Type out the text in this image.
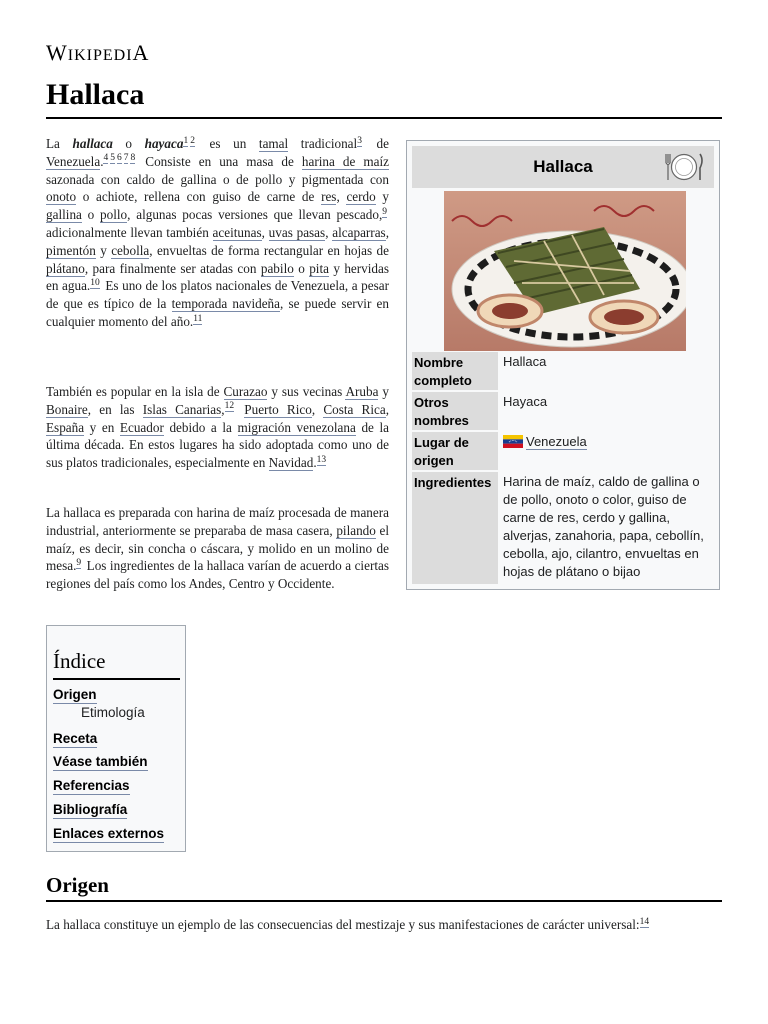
WIKIPEDIA
Hallaca

La hallaca o hayaca$^{1 2}$ es un tamal tradicional$^3$ de Venezuela.$^{4 5 6 7 8}$ Consiste en una masa de harina de maíz sazonada con caldo de gallina o de pollo y pigmentada con onoto o achiote, rellena con guiso de carne de res, cerdo y gallina o pollo, algunas pocas versiones que llevan pescado,$^9$ adicionalmente llevan también aceitunas, uvas pasas, alcaparras, pimentón y cebolla, envueltas de forma rectangular en hojas de plátano, para finalmente ser atadas con pabilo o pita y hervidas en agua.$^{10}$ Es uno de los platos nacionales de Venezuela, a pesar de que es típico de la temporada navideña, se puede servir en cualquier momento del año.$^{11}$

También es popular en la isla de Curazao y sus vecinas Aruba y Bonaire, en las Islas Canarias,$^{12}$ Puerto Rico, Costa Rica, España y en Ecuador debido a la migración venezolana de la última década. En estos lugares ha sido adoptada como uno de sus platos tradicionales, especialmente en Navidad.$^{13}$

La hallaca es preparada con harina de maíz procesada de manera industrial, anteriormente se preparaba de masa casera, pilando el maíz, es decir, sin concha o cáscara, y molido en un molino de mesa.$^9$ Los ingredientes de la hallaca varían de acuerdo a ciertas regiones del país como los Andes, Centro y Occidente.

Hallaca
Nombre completo
Hallaca
Otros nombres
Hayaca
Lugar de origen
Venezuela
Ingredientes Harina de maíz, caldo de gallina o de pollo, onoto o color, guiso de carne de res, cerdo y gallina, alverjas, zanahoria, papa, cebollín, cebolla, ajo, cilantro, envueltas en hojas de plátano o bijao
Índice
Origen
Etimología
Receta
Véase también
Referencias
Bibliografía
Enlaces externos
Origen

La hallaca constituye un ejemplo de las consecuencias del mestizaje y sus manifestaciones de carácter universal:$^{14}$
